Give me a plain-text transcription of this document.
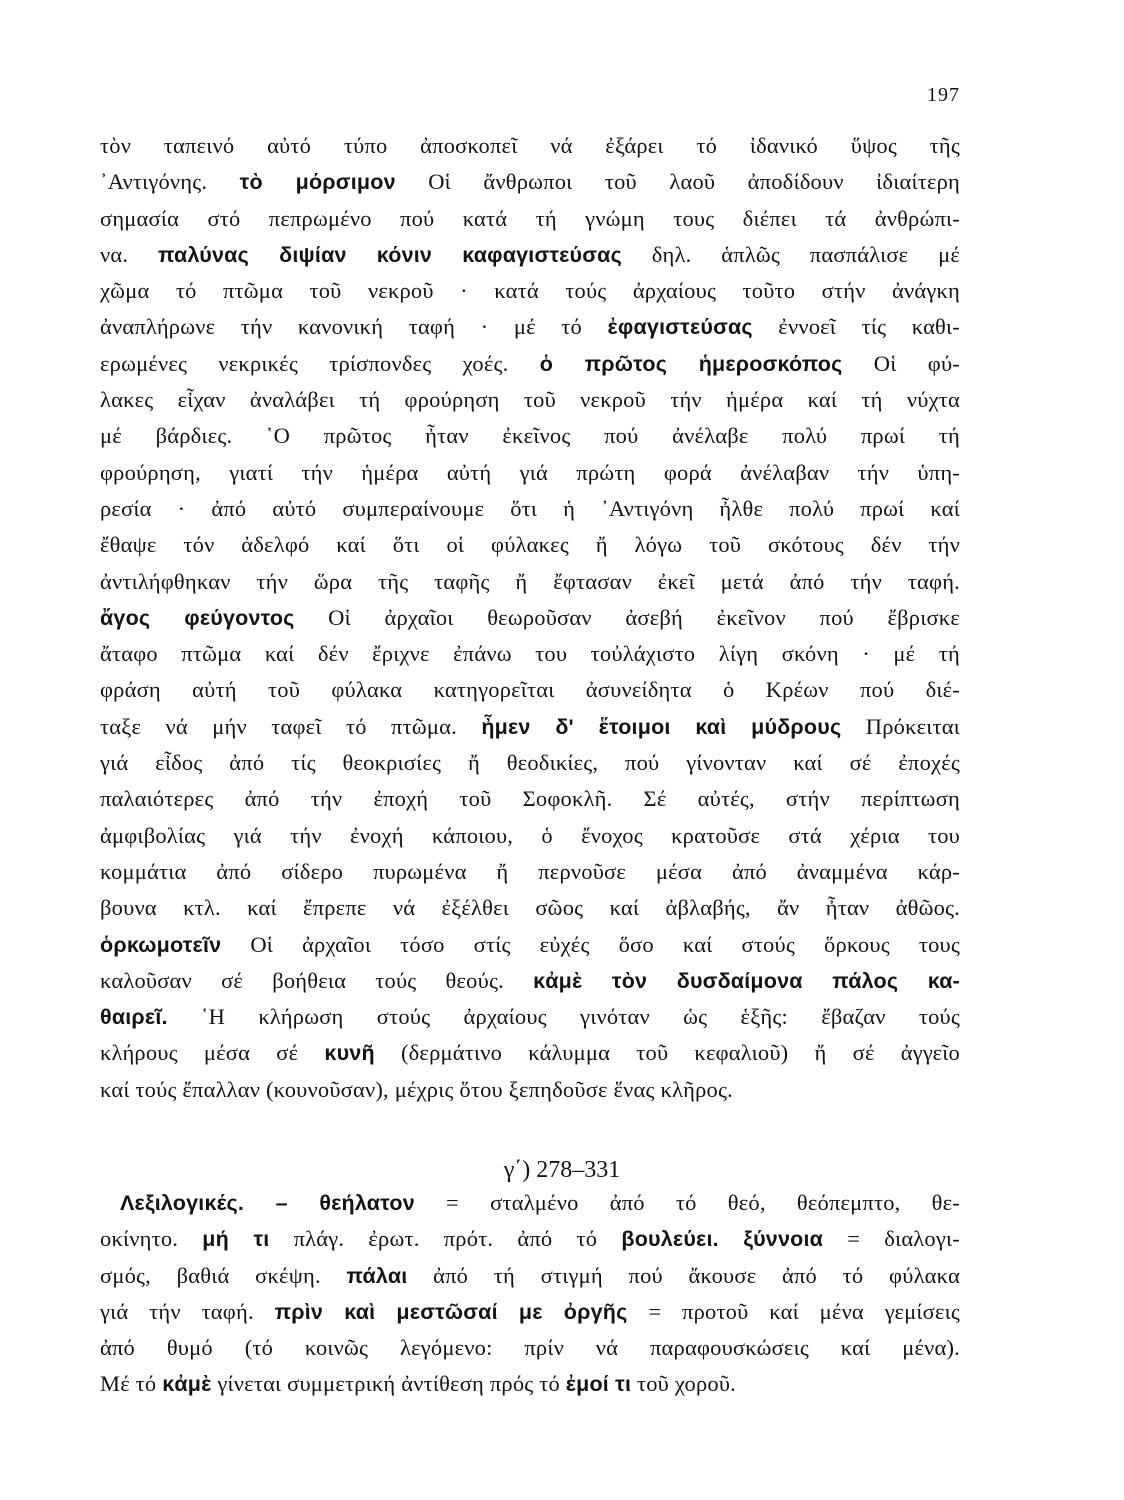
197
τὸν ταπεινό αὐτό τύπο ἀποσκοπεῖ νά ἐξάρει τό ἰδανικό ὕψος τῆς
᾿Αντιγόνης. τὸ μόρσιμον Οἱ ἄνθρωποι τοῦ λαοῦ ἀποδίδουν ἰδιαίτερη
σημασία στό πεπρωμένο πού κατά τή γνώμη τους διέπει τά ἀνθρώπι-
να. παλύνας διψίαν κόνιν καφαγιστεύσας δηλ. ἁπλῶς πασπάλισε μέ
χῶμα τό πτῶμα τοῦ νεκροῦ · κατά τούς ἀρχαίους τοῦτο στήν ἀνάγκη
ἀναπλήρωνε τήν κανονική ταφή · μέ τό ἐφαγιστεύσας ἐννοεῖ τίς καθι-
ερωμένες νεκρικές τρίσπονδες χοές. ὁ πρῶτος ἡμεροσκόπος Οἱ φύ-
λακες εἶχαν ἀναλάβει τή φρούρηση τοῦ νεκροῦ τήν ἡμέρα καί τή νύχτα
μέ βάρδιες. ῾Ο πρῶτος ἦταν ἐκεῖνος πού ἀνέλαβε πολύ πρωί τή
φρούρηση, γιατί τήν ἡμέρα αὐτή γιά πρώτη φορά ἀνέλαβαν τήν ὑπη-
ρεσία · ἀπό αὐτό συμπεραίνουμε ὅτι ἡ ᾿Αντιγόνη ἦλθε πολύ πρωί καί
ἔθαψε τόν ἀδελφό καί ὅτι οἱ φύλακες ἤ λόγω τοῦ σκότους δέν τήν
ἀντιλήφθηκαν τήν ὥρα τῆς ταφῆς ἤ ἔφτασαν ἐκεῖ μετά ἀπό τήν ταφή.
ἄγος φεύγοντος Οἱ ἀρχαῖοι θεωροῦσαν ἀσεβή ἐκεῖνον πού ἔβρισκε
ἄταφο πτῶμα καί δέν ἔριχνε ἐπάνω του τοὐλάχιστο λίγη σκόνη · μέ τή
φράση αὐτή τοῦ φύλακα κατηγορεῖται ἀσυνείδητα ὁ Κρέων πού διέ-
ταξε νά μήν ταφεῖ τό πτῶμα. ἦμεν δ' ἕτοιμοι καὶ μύδρους Πρόκειται
γιά εἶδος ἀπό τίς θεοκρισίες ἤ θεοδικίες, πού γίνονταν καί σέ ἐποχές
παλαιότερες ἀπό τήν ἐποχή τοῦ Σοφοκλῆ. Σέ αὐτές, στήν περίπτωση
ἀμφιβολίας γιά τήν ἐνοχή κάποιου, ὁ ἔνοχος κρατοῦσε στά χέρια του
κομμάτια ἀπό σίδερο πυρωμένα ἤ περνοῦσε μέσα ἀπό ἀναμμένα κάρ-
βουνα κτλ. καί ἔπρεπε νά ἐξέλθει σῶος καί ἀβλαβής, ἄν ἦταν ἀθῶος.
ὁρκωμοτεῖν Οἱ ἀρχαῖοι τόσο στίς εὐχές ὅσο καί στούς ὅρκους τους
καλοῦσαν σέ βοήθεια τούς θεούς. κἀμὲ τὸν δυσδαίμονα πάλος κα-
θαιρεῖ. ῾Η κλήρωση στούς ἀρχαίους γινόταν ὡς ἑξῆς: ἔβαζαν τούς
κλήρους μέσα σέ κυνῆ (δερμάτινο κάλυμμα τοῦ κεφαλιοῦ) ἤ σέ ἀγγεῖο
καί τούς ἔπαλλαν (κουνοῦσαν), μέχρις ὅτου ξεπηδοῦσε ἕνας κλῆρος.
γ΄) 278–331
Λεξιλογικές. – θεήλατον = σταλμένο ἀπό τό θεό, θεόπεμπτο, θε-
οκίνητο. μή τι πλάγ. ἐρωτ. πρότ. ἀπό τό βουλεύει. ξύννοια = διαλογι-
σμός, βαθιά σκέψη. πάλαι ἀπό τή στιγμή πού ἄκουσε ἀπό τό φύλακα
γιά τήν ταφή. πρὶν καὶ μεστῶσαί με ὀργῆς = προτοῦ καί μένα γεμίσεις
ἀπό θυμό (τό κοινῶς λεγόμενο: πρίν νά παραφουσκώσεις καί μένα).
Μέ τό κἀμὲ γίνεται συμμετρική ἀντίθεση πρός τό ἐμοί τι τοῦ χοροῦ.
